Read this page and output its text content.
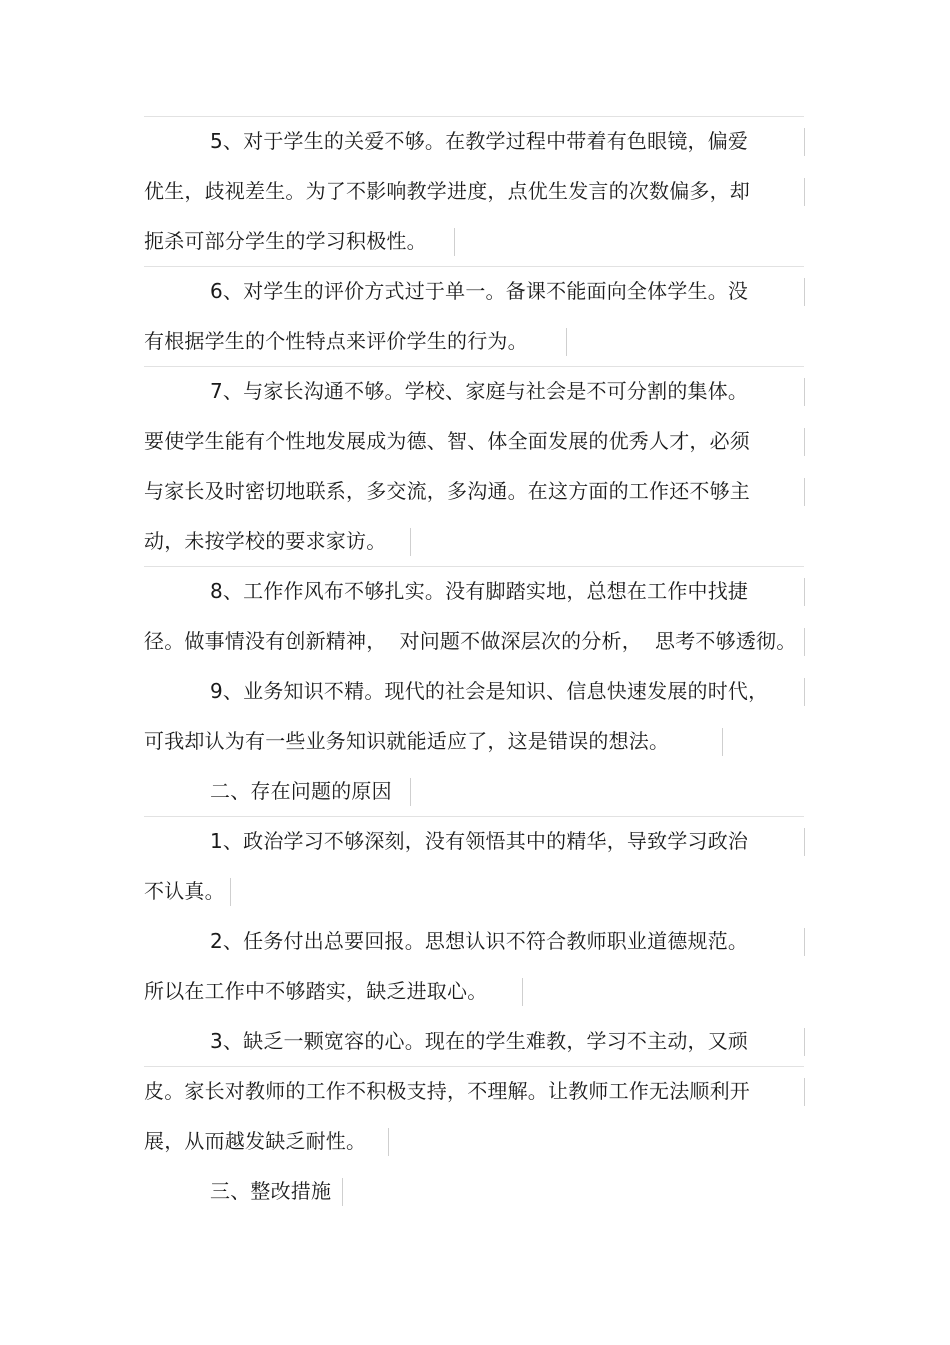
5、对于学生的关爱不够。在教学过程中带着有色眼镜，偏爱
优生，歧视差生。为了不影响教学进度，点优生发言的次数偏多，却
扼杀可部分学生的学习积极性。
6、对学生的评价方式过于单一。备课不能面向全体学生。没
有根据学生的个性特点来评价学生的行为。
7、与家长沟通不够。学校、家庭与社会是不可分割的集体。
要使学生能有个性地发展成为德、智、体全面发展的优秀人才，必须
与家长及时密切地联系，多交流，多沟通。在这方面的工作还不够主
动，未按学校的要求家访。
8、工作作风布不够扎实。没有脚踏实地，总想在工作中找捷
径。做事情没有创新精神，  对问题不做深层次的分析，  思考不够透彻。
9、业务知识不精。现代的社会是知识、信息快速发展的时代，
可我却认为有一些业务知识就能适应了，这是错误的想法。
二、存在问题的原因
1、政治学习不够深刻，没有领悟其中的精华，导致学习政治
不认真。
2、任务付出总要回报。思想认识不符合教师职业道德规范。
所以在工作中不够踏实，缺乏进取心。
3、缺乏一颗宽容的心。现在的学生难教，学习不主动，又顽
皮。家长对教师的工作不积极支持，不理解。让教师工作无法顺利开
展，从而越发缺乏耐性。
三、整改措施
